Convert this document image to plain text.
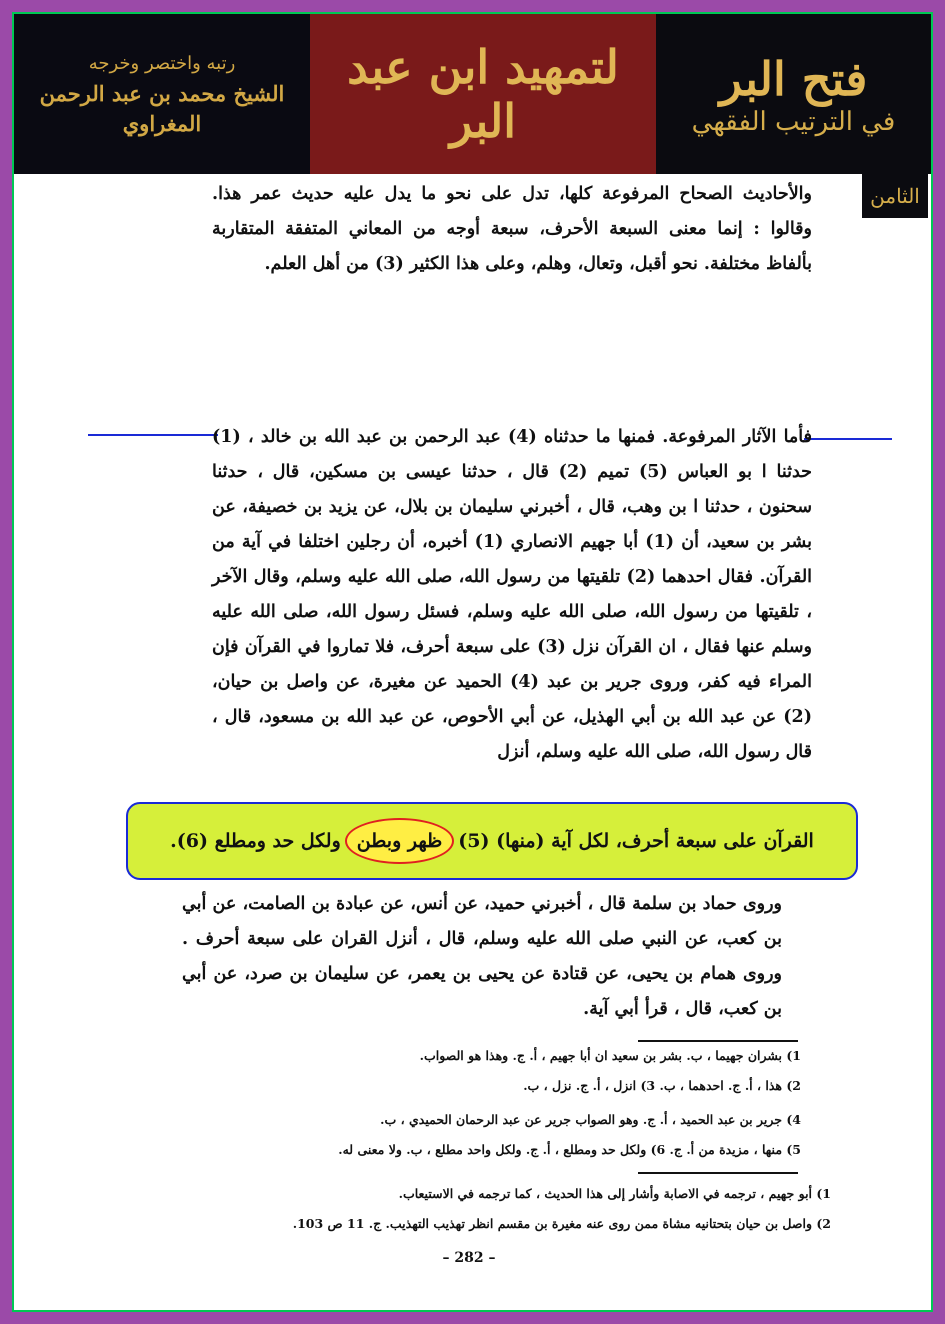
رتبه واختصر وخرجه
الشيخ محمد بن عبد الرحمن المغراوي
لتمهيد ابن عبد البر
فتح البر
في الترتيب الفقهي
الثامن
والأحاديث الصحاح المرفوعة كلها، تدل على نحو ما يدل عليه حديث عمر هذا. وقالوا : إنما معنى السبعة الأحرف، سبعة أوجه من المعاني المتفقة المتقاربة بألفاظ مختلفة. نحو أقبل، وتعال، وهلم، وعلى هذا الكثير (3) من أهل العلم.
فأما الآثار المرفوعة. فمنها ما حدثناه (4) عبد الرحمن بن عبد الله بن خالد ، (1) حدثنا ا بو العباس (5) تميم (2) قال ، حدثنا عيسى بن مسكين، قال ، حدثنا سحنون ، حدثنا ا بن وهب، قال ، أخبرني سليمان بن بلال، عن يزيد بن خصيفة، عن بشر بن سعيد، أن (1) أبا جهيم الانصاري (1) أخبره، أن رجلين اختلفا في آية من القرآن. فقال احدهما (2) تلقيتها من رسول الله، صلى الله عليه وسلم، وقال الآخر ، تلقيتها من رسول الله، صلى الله عليه وسلم، فسئل رسول الله، صلى الله عليه وسلم عنها فقال ، ان القرآن نزل (3) على سبعة أحرف، فلا تماروا في القرآن فإن المراء فيه كفر، وروى جرير بن عبد (4) الحميد عن مغيرة، عن واصل بن حيان، (2) عن عبد الله بن أبي الهذيل، عن أبي الأحوص، عن عبد الله بن مسعود، قال ، قال رسول الله، صلى الله عليه وسلم، أنزل
القرآن على سبعة أحرف، لكل آية (منها) (5)
ظهر وبطن
ولكل حد ومطلع (6).
وروى حماد بن سلمة قال ، أخبرني حميد، عن أنس، عن عبادة بن الصامت، عن أبي بن كعب، عن النبي صلى الله عليه وسلم، قال ، أنزل القران على سبعة أحرف . وروى همام بن يحيى، عن قتادة عن يحيى بن يعمر، عن سليمان بن صرد، عن أبي بن كعب، قال ، قرأ أبي آية.
1) بشران جهيما ، ب. بشر بن سعيد ان أبا جهيم ، أ. ج. وهذا هو الصواب.
2) هذا ، أ. ج. احدهما ، ب. 3) انزل ، أ. ج. نزل ، ب.
4) جرير بن عبد الحميد ، أ. ج. وهو الصواب جرير عن عبد الرحمان الحميدي ، ب.
5) منها ، مزيدة من أ. ج. 6) ولكل حد ومطلع ، أ. ج. ولكل واحد مطلع ، ب. ولا معنى له.
1) أبو جهيم ، ترجمه في الاصابة وأشار إلى هذا الحديث ، كما ترجمه في الاستيعاب.
2) واصل بن حيان بتحتانيه مشاة ممن روى عنه مغيرة بن مقسم انظر تهذيب التهذيب. ج. 11 ص 103.
– 282 –
